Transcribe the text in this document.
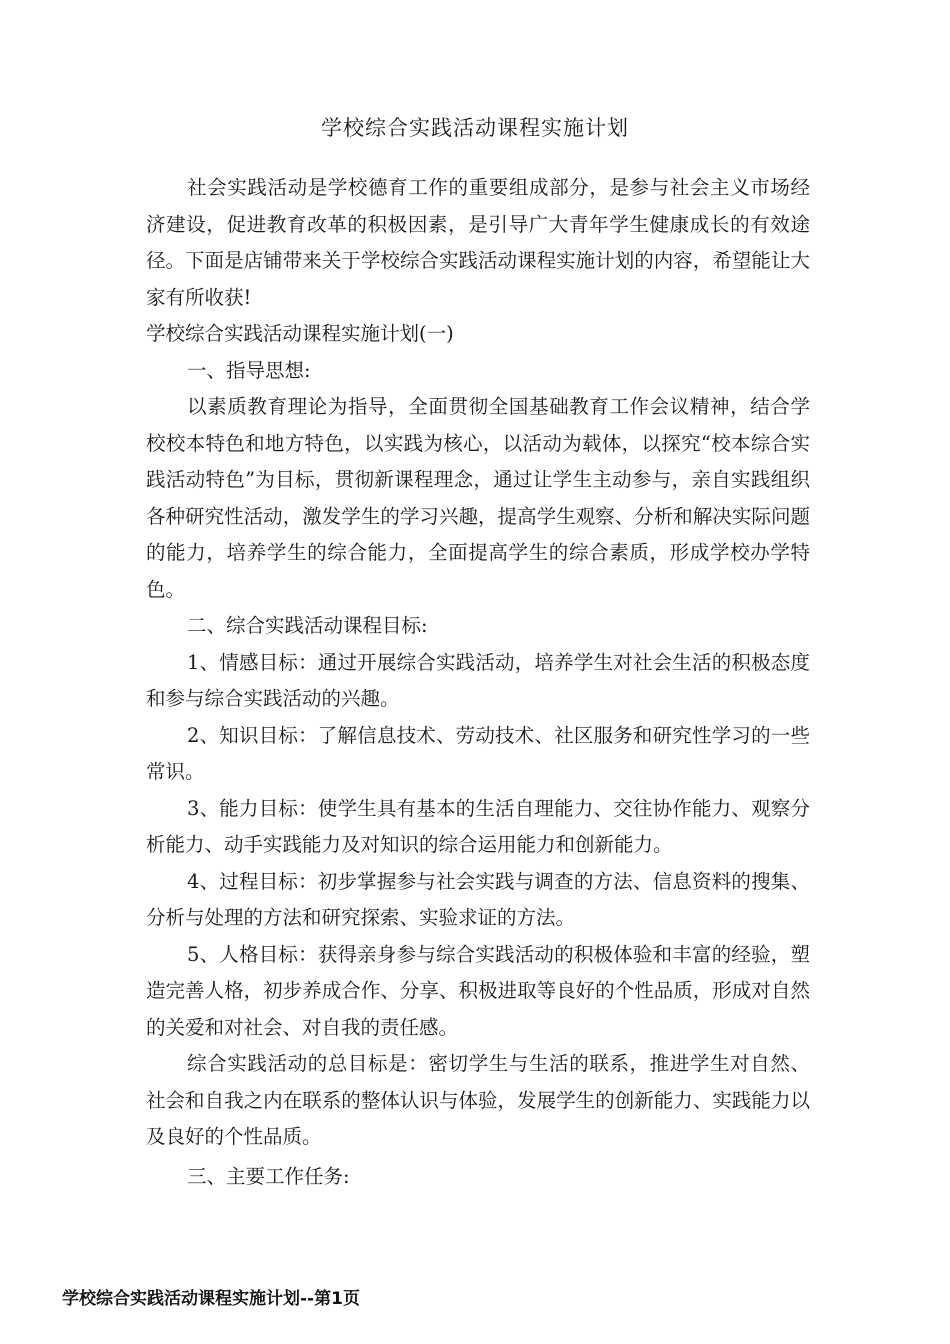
学校综合实践活动课程实施计划

社会实践活动是学校德育工作的重要组成部分，是参与社会主义市场经济建设，促进教育改革的积极因素，是引导广大青年学生健康成长的有效途径。下面是店铺带来关于学校综合实践活动课程实施计划的内容，希望能让大家有所收获!

学校综合实践活动课程实施计划(一)

一、指导思想:

以素质教育理论为指导，全面贯彻全国基础教育工作会议精神，结合学校校本特色和地方特色，以实践为核心，以活动为载体，以探究“校本综合实践活动特色”为目标，贯彻新课程理念，通过让学生主动参与，亲自实践组织各种研究性活动，激发学生的学习兴趣，提高学生观察、分析和解决实际问题的能力，培养学生的综合能力，全面提高学生的综合素质，形成学校办学特色。

二、综合实践活动课程目标:

1、情感目标：通过开展综合实践活动，培养学生对社会生活的积极态度和参与综合实践活动的兴趣。

2、知识目标：了解信息技术、劳动技术、社区服务和研究性学习的一些常识。

3、能力目标：使学生具有基本的生活自理能力、交往协作能力、观察分析能力、动手实践能力及对知识的综合运用能力和创新能力。

4、过程目标：初步掌握参与社会实践与调查的方法、信息资料的搜集、分析与处理的方法和研究探索、实验求证的方法。

5、人格目标：获得亲身参与综合实践活动的积极体验和丰富的经验，塑造完善人格，初步养成合作、分享、积极进取等良好的个性品质，形成对自然的关爱和对社会、对自我的责任感。

综合实践活动的总目标是：密切学生与生活的联系，推进学生对自然、社会和自我之内在联系的整体认识与体验，发展学生的创新能力、实践能力以及良好的个性品质。

三、主要工作任务:

学校综合实践活动课程实施计划--第1页
